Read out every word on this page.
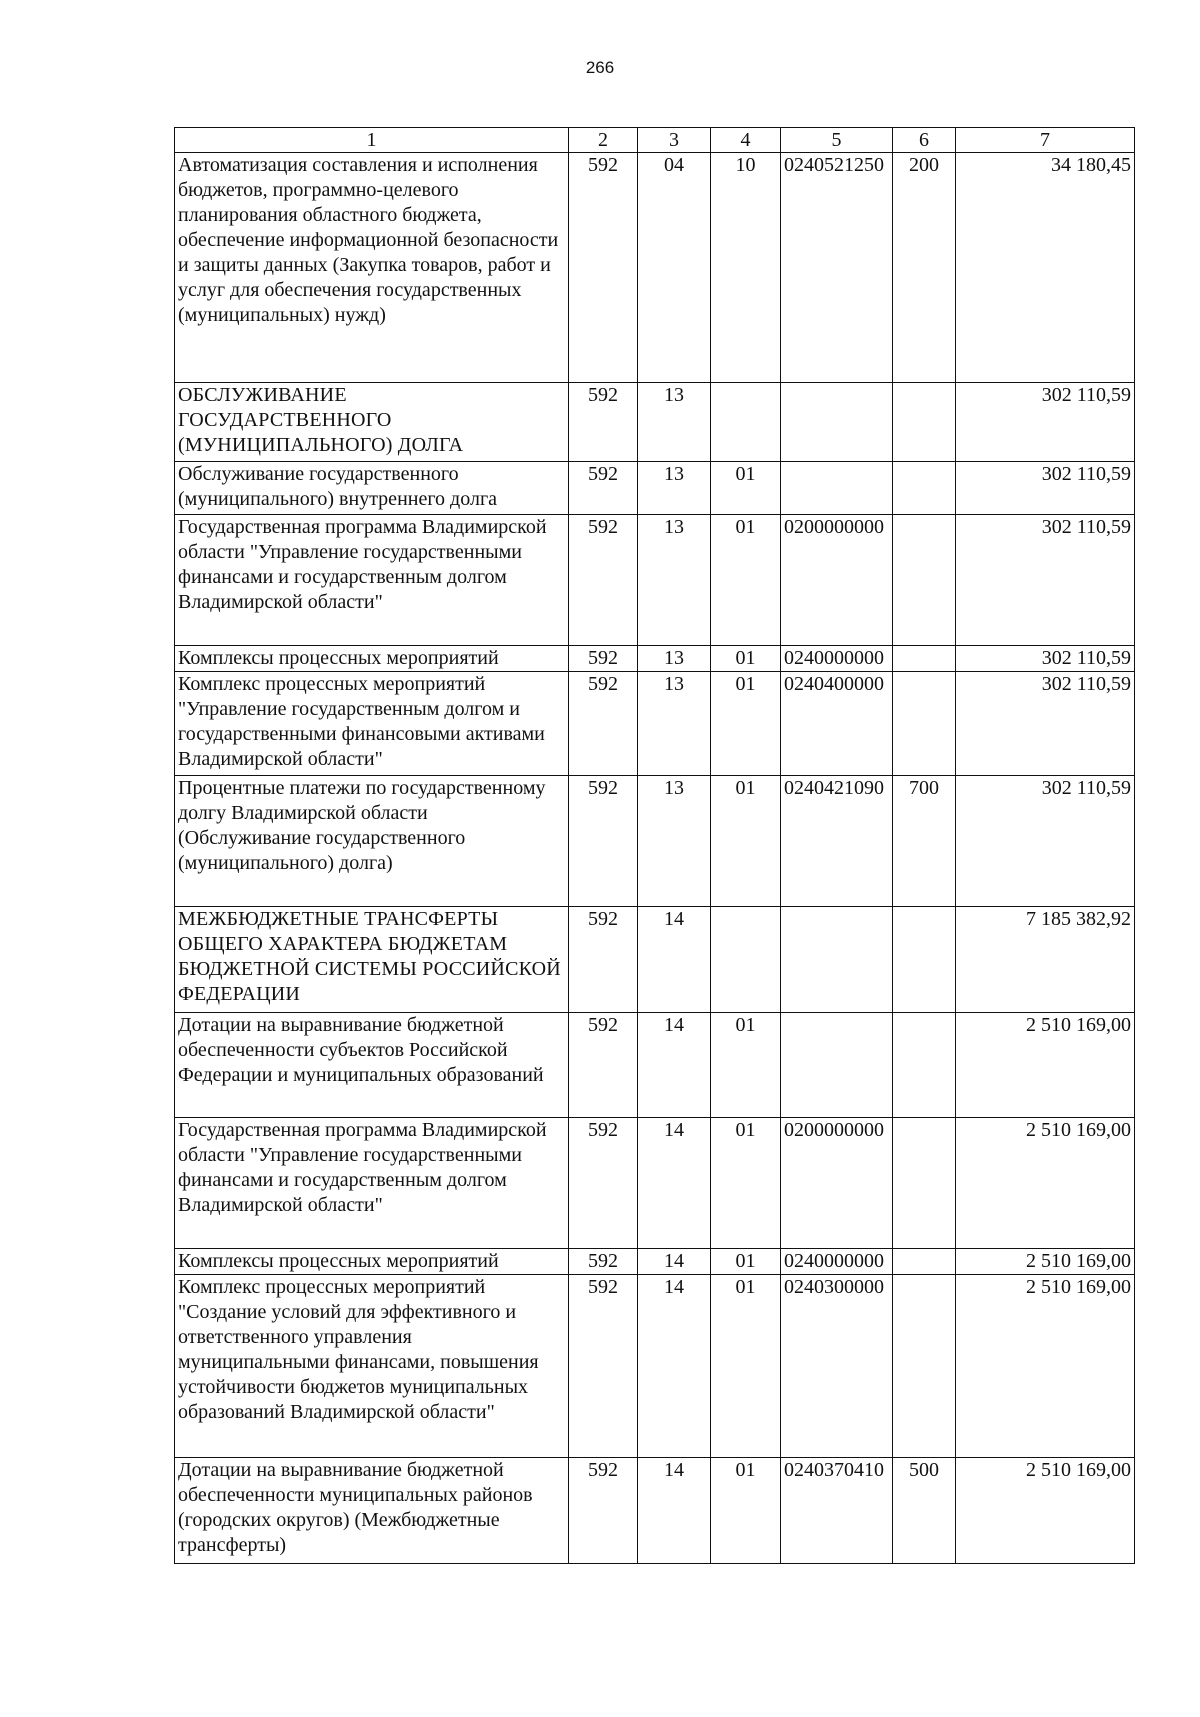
266
1	2	3	4	5	6	7
Автоматизация составления и исполнения бюджетов, программно-целевого планирования областного бюджета, обеспечение информационной безопасности и защиты данных (Закупка товаров, работ и услуг для обеспечения государственных (муниципальных) нужд)	592	04	10	0240521250	200	34 180,45
ОБСЛУЖИВАНИЕ ГОСУДАРСТВЕННОГО (МУНИЦИПАЛЬНОГО) ДОЛГА	592	13				302 110,59
Обслуживание государственного (муниципального) внутреннего долга	592	13	01			302 110,59
Государственная программа Владимирской области "Управление государственными финансами и государственным долгом Владимирской области"	592	13	01	0200000000		302 110,59
Комплексы процессных мероприятий	592	13	01	0240000000		302 110,59
Комплекс процессных мероприятий "Управление государственным долгом и государственными финансовыми активами Владимирской области"	592	13	01	0240400000		302 110,59
Процентные платежи по государственному долгу Владимирской области (Обслуживание государственного (муниципального) долга)	592	13	01	0240421090	700	302 110,59
МЕЖБЮДЖЕТНЫЕ ТРАНСФЕРТЫ ОБЩЕГО ХАРАКТЕРА БЮДЖЕТАМ БЮДЖЕТНОЙ СИСТЕМЫ РОССИЙСКОЙ ФЕДЕРАЦИИ	592	14				7 185 382,92
Дотации на выравнивание бюджетной обеспеченности субъектов Российской Федерации и муниципальных образований	592	14	01			2 510 169,00
Государственная программа Владимирской области "Управление государственными финансами и государственным долгом Владимирской области"	592	14	01	0200000000		2 510 169,00
Комплексы процессных мероприятий	592	14	01	0240000000		2 510 169,00
Комплекс процессных мероприятий "Создание условий для эффективного и ответственного управления муниципальными финансами, повышения устойчивости бюджетов муниципальных образований Владимирской области"	592	14	01	0240300000		2 510 169,00
Дотации на выравнивание бюджетной обеспеченности муниципальных районов (городских округов) (Межбюджетные трансферты)	592	14	01	0240370410	500	2 510 169,00
